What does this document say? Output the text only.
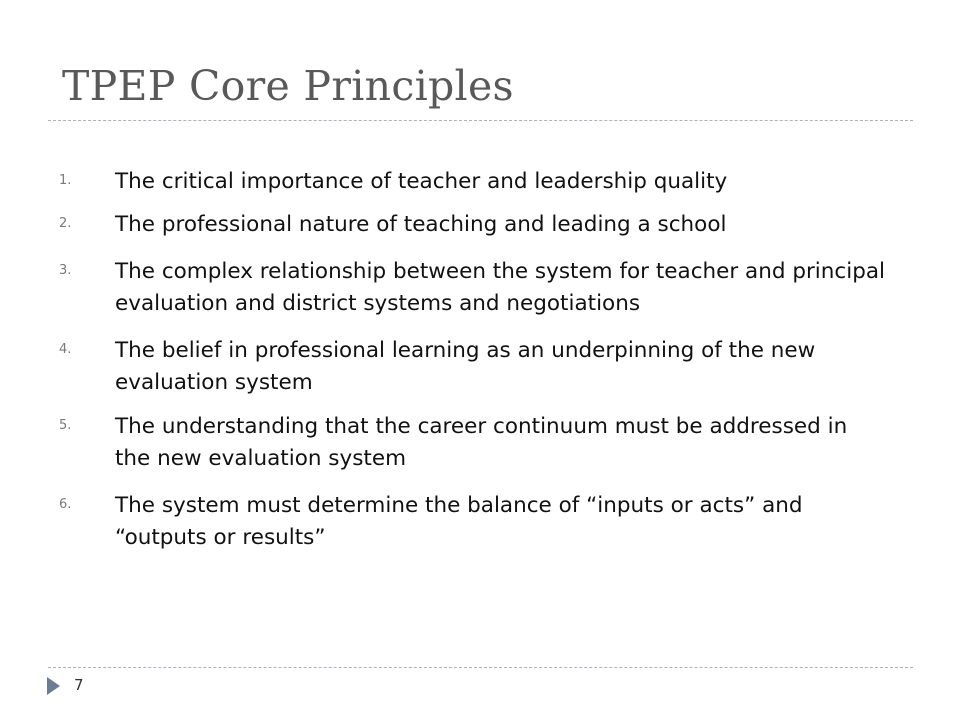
TPEP Core Principles
1. The critical importance of teacher and leadership quality
2. The professional nature of teaching and leading a school
3. The complex relationship between the system for teacher and principal evaluation and district systems and negotiations
4. The belief in professional learning as an underpinning of the new evaluation system
5. The understanding that the career continuum must be addressed in the new evaluation system
6. The system must determine the balance of “inputs or acts” and “outputs or results”
7
